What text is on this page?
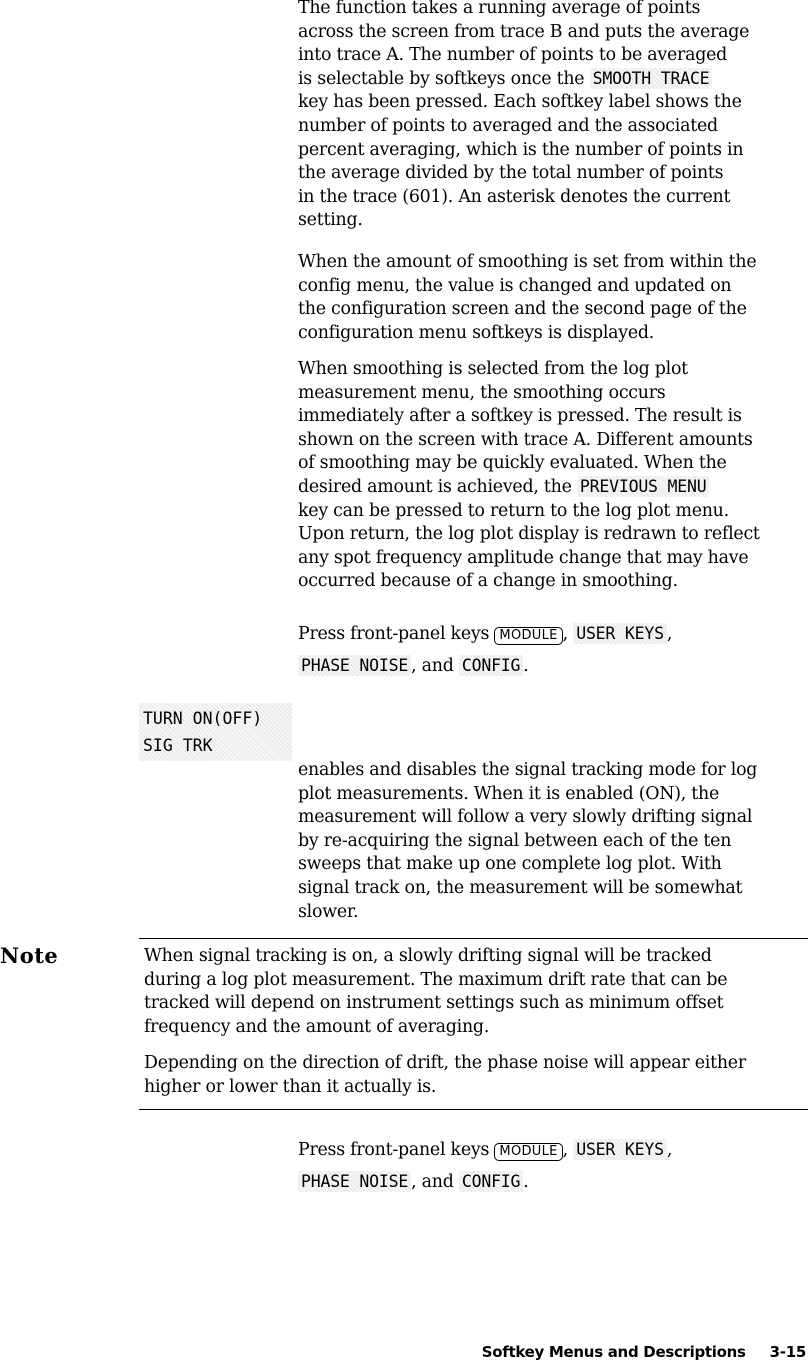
The function takes a running average of points
across the screen from trace B and puts the average
into trace A. The number of points to be averaged
is selectable by softkeys once the SMOOTH TRACE
key has been pressed. Each softkey label shows the
number of points to averaged and the associated
percent averaging, which is the number of points in
the average divided by the total number of points
in the trace (601). An asterisk denotes the current
setting.

When the amount of smoothing is set from within the
config menu, the value is changed and updated on
the configuration screen and the second page of the
configuration menu softkeys is displayed.

When smoothing is selected from the log plot
measurement menu, the smoothing occurs
immediately after a softkey is pressed. The result is
shown on the screen with trace A. Different amounts
of smoothing may be quickly evaluated. When the
desired amount is achieved, the PREVIOUS MENU
key can be pressed to return to the log plot menu.
Upon return, the log plot display is redrawn to reflect
any spot frequency amplitude change that may have
occurred because of a change in smoothing.

Press front-panel keys MODULE , USER KEYS ,
PHASE NOISE , and CONFIG .

TURN ON(OFF)
SIG TRK

enables and disables the signal tracking mode for log
plot measurements. When it is enabled (ON), the
measurement will follow a very slowly drifting signal
by re-acquiring the signal between each of the ten
sweeps that make up one complete log plot. With
signal track on, the measurement will be somewhat
slower.

Note	When signal tracking is on, a slowly drifting signal will be tracked
during a log plot measurement. The maximum drift rate that can be
tracked will depend on instrument settings such as minimum offset
frequency and the amount of averaging.

Depending on the direction of drift, the phase noise will appear either
higher or lower than it actually is.

Press front-panel keys MODULE , USER KEYS ,
PHASE NOISE , and CONFIG .

Softkey Menus and Descriptions 3-15
